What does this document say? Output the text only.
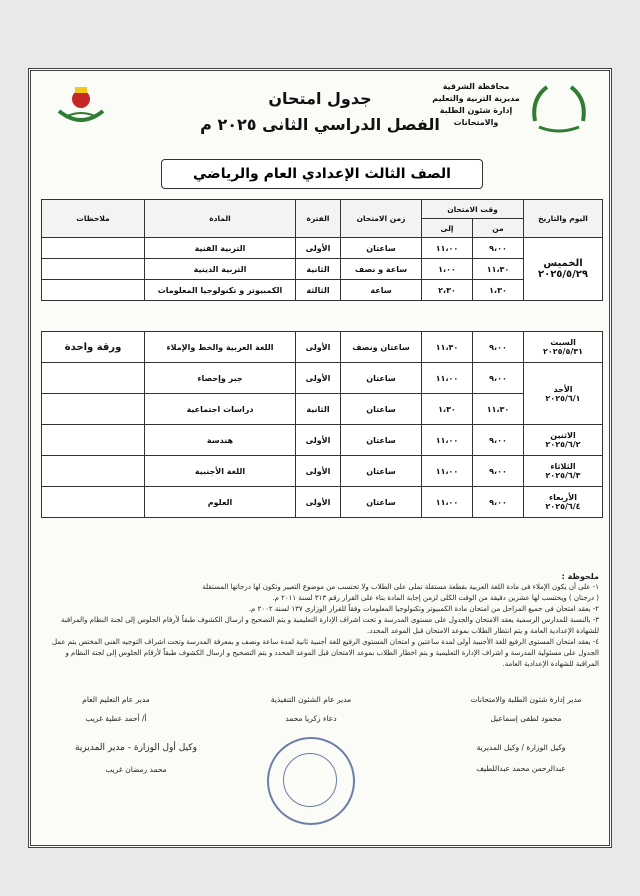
محافظة الشرقية
مديرية التربية والتعليم
إدارة شئون الطلبة والامتحانات
جدول امتحان
الفصل الدراسي الثانى ٢٠٢٥ م
الصف الثالث الإعدادي العام والرياضي
اليوم والتاريخ	وقت الامتحان		زمن الامتحان	الفترة	المادة	ملاحظات
	من	إلى				

الخميس
٢٠٢٥/٥/٢٩	٩،٠٠	١١،٠٠	ساعتان	الأولى	التربية الفنية	
	١١،٣٠	١،٠٠	ساعة و نصف	الثانية	التربية الدينية	
	١،٣٠	٢،٣٠	ساعة	الثالثة	الكمبيوتر و تكنولوجيا المعلومات	
السبت
٢٠٢٥/٥/٣١	٩،٠٠	١١،٣٠	ساعتان ونصف	الأولى	اللغة العربية والخط والإملاء	ورقة واحدة

الأحد
٢٠٢٥/٦/١	٩،٠٠	١١،٠٠	ساعتان	الأولى	جبر وإحصاء	
	١١،٣٠	١،٣٠	ساعتان	الثانية	دراسات اجتماعية	

الاثنين
٢٠٢٥/٦/٢	٩،٠٠	١١،٠٠	ساعتان	الأولى	هندسة	

الثلاثاء
٢٠٢٥/٦/٣	٩،٠٠	١١،٠٠	ساعتان	الأولى	اللغة الأجنبية	

الأربعاء
٢٠٢٥/٦/٤	٩،٠٠	١١،٠٠	ساعتان	الأولى	العلوم	
ملحوظة :
١- على أن يكون الإملاء فى مادة اللغة العربية بقطعة مستقلة تملى على الطلاب ولا تحتسب من موضوع التعبير وتكون لها درجاتها المستقلة
( درجتان ) ويحتسب لها عشرين دقيقة من الوقت الكلى لزمن إجابة المادة بناء على القرار رقم ٣١٣ لسنة ٢٠١١ م.
٢- يعقد امتحان فى جميع المراحل من امتحان مادة الكمبيوتر وتكنولوجيا المعلومات وفقاً للقرار الوزارى ١٣٧ لسنة ٢٠٠٢ م.
٣- بالنسبة للمدارس الرسمية يعقد الامتحان والجدول على مستوى المدرسة و تحت اشراف الإدارة التعليمية و يتم التصحيح و ارسال الكشوف طبقاً لأرقام الجلوس إلى لجنة النظام والمراقبة للشهادة الإعدادية العامة و يتم انتظار الطلاب بموعد الامتحان قبل الموعد المحدد.
٤- يعقد امتحان المستوى الرفيع للغة الأجنبية أولى لمدة ساعتين و امتحان المستوى الرفيع للغة أجنبية ثانية لمدة ساعة ونصف و بمعرفة المدرسة وتحت اشراف التوجيه الفنى المختص يتم عمل الجدول على مسئولية المدرسة و اشراف الإدارة التعليمية و يتم اخطار الطلاب بموعد الامتحان قبل الموعد المحدد و يتم التصحيح و ارسال الكشوف طبقاً لأرقام الجلوس إلى لجنة النظام و المراقبة للشهادة الإعدادية العامة.
مدير إدارة شئون الطلبة والامتحانات
محمود لطفى إسماعيل
مدير عام الشئون التنفيذية
دعاء زكريا محمد
مدير عام التعليم العام
أ/ أحمد عطية غريب
وكيل الوزارة / وكيل المديرية
عبدالرحمن محمد عبداللطيف
وكيل أول الوزارة - مدير المديرية
محمد رمضان غريب
